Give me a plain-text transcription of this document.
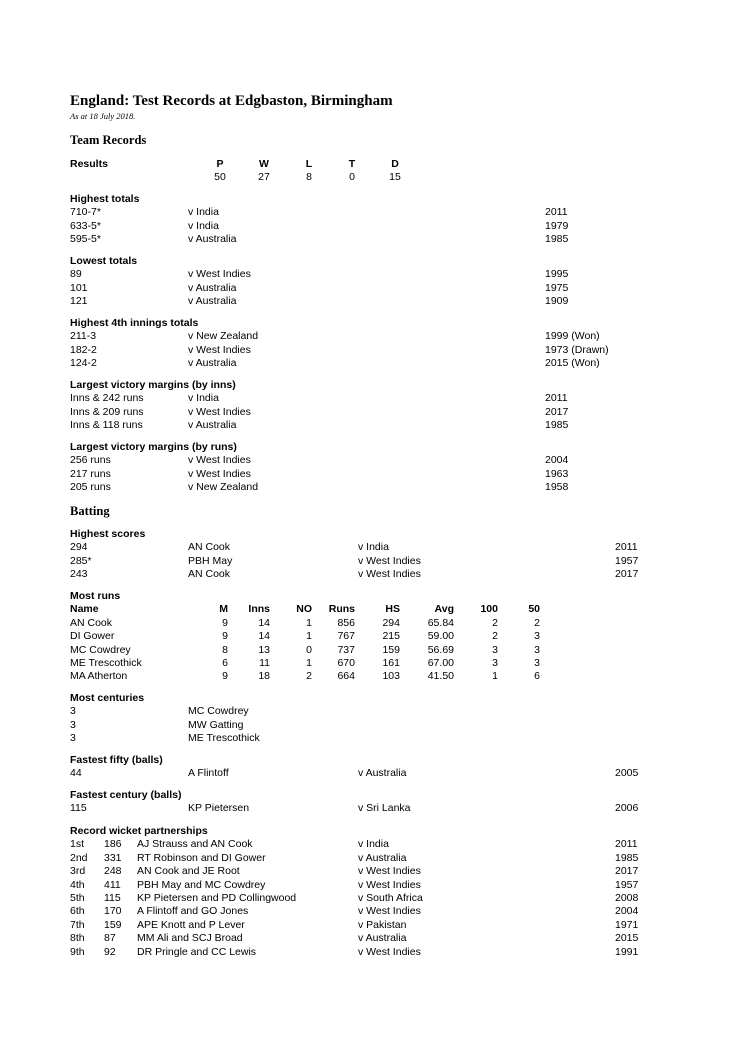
England: Test Records at Edgbaston, Birmingham
As at 18 July 2018.
Team Records
Results	P	W	L	T	D
50	27	8	0	15
Highest totals
710-7*	v India	2011
633-5*	v India	1979
595-5*	v Australia	1985
Lowest totals
89	v West Indies	1995
101	v Australia	1975
121	v Australia	1909
Highest 4th innings totals
211-3	v New Zealand	1999 (Won)
182-2	v West Indies	1973 (Drawn)
124-2	v Australia	2015 (Won)
Largest victory margins (by inns)
Inns & 242 runs	v India	2011
Inns & 209 runs	v West Indies	2017
Inns & 118 runs	v Australia	1985
Largest victory margins (by runs)
256 runs	v West Indies	2004
217 runs	v West Indies	1963
205 runs	v New Zealand	1958
Batting
Highest scores
294	AN Cook	v India	2011
285*	PBH May	v West Indies	1957
243	AN Cook	v West Indies	2017
Most runs
Name	M	Inns	NO	Runs	HS	Avg	100	50
AN Cook	9	14	1	856	294	65.84	2	2
DI Gower	9	14	1	767	215	59.00	2	3
MC Cowdrey	8	13	0	737	159	56.69	3	3
ME Trescothick	6	11	1	670	161	67.00	3	3
MA Atherton	9	18	2	664	103	41.50	1	6
Most centuries
3	MC Cowdrey
3	MW Gatting
3	ME Trescothick
Fastest fifty (balls)
44	A Flintoff	v Australia	2005
Fastest century (balls)
115	KP Pietersen	v Sri Lanka	2006
Record wicket partnerships
1st 186 AJ Strauss and AN Cook	v India	2011
2nd 331 RT Robinson and DI Gower	v Australia	1985
3rd 248 AN Cook and JE Root	v West Indies	2017
4th 411 PBH May and MC Cowdrey	v West Indies	1957
5th 115 KP Pietersen and PD Collingwood	v South Africa	2008
6th 170 A Flintoff and GO Jones	v West Indies	2004
7th 159 APE Knott and P Lever	v Pakistan	1971
8th 87 MM Ali and SCJ Broad	v Australia	2015
9th 92 DR Pringle and CC Lewis	v West Indies	1991
